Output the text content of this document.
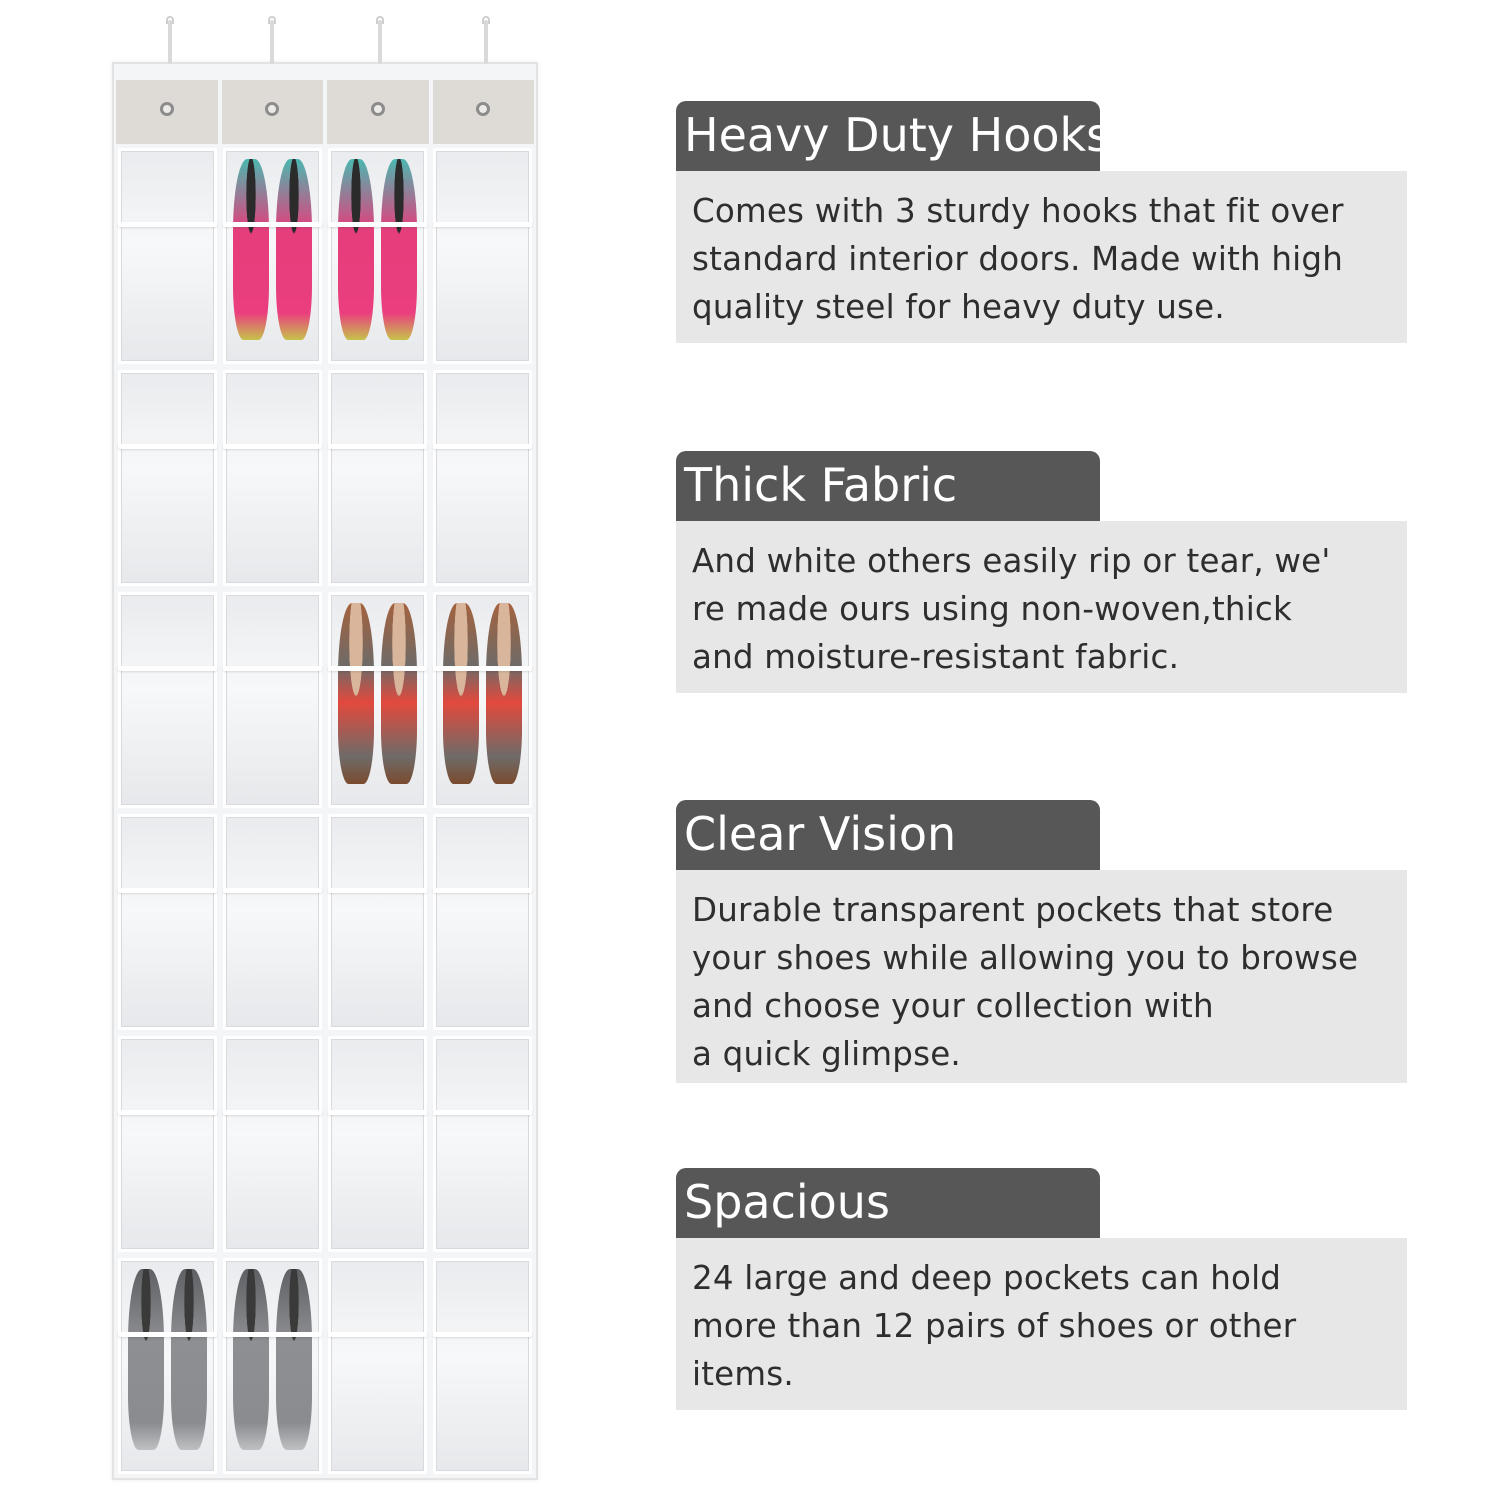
Heavy Duty Hooks
Comes with 3 sturdy hooks that fit over
standard interior doors. Made with high
quality steel for heavy duty use.
Thick Fabric
And white others easily rip or tear, we'
re made ours using non-woven,thick
and moisture-resistant fabric.
Clear Vision
Durable transparent pockets that store
your shoes while allowing you to browse
and choose your collection with
a quick glimpse.
Spacious
24 large and deep pockets can hold
more than 12 pairs of shoes or other
items.
